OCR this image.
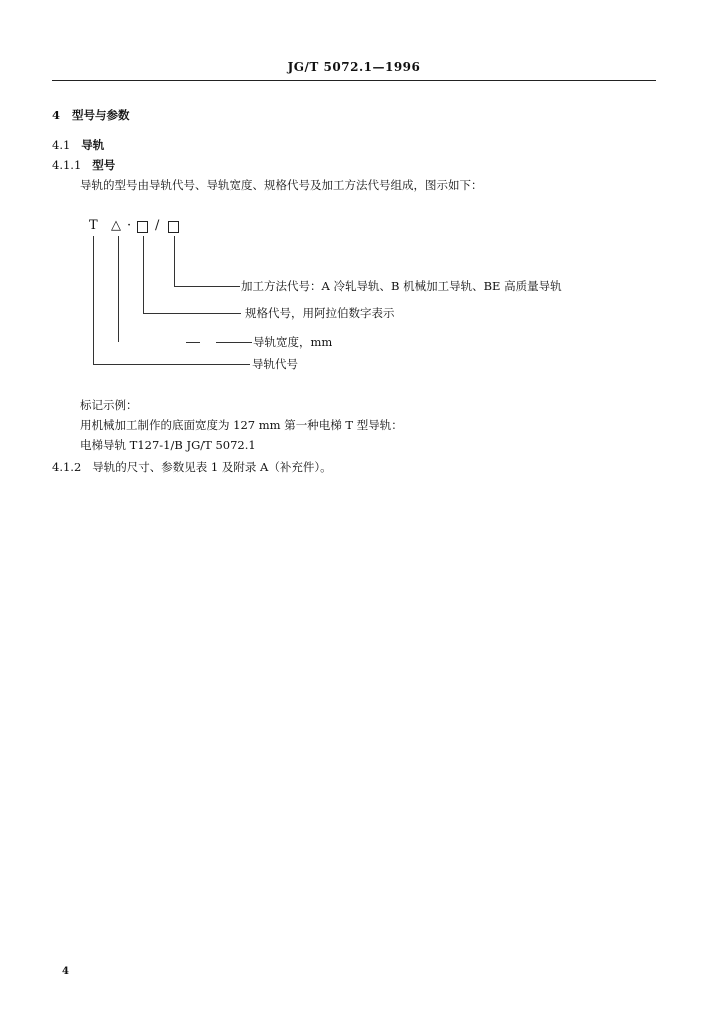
JG/T 5072.1—1996
4 型号与参数
4.1 导轨
4.1.1 型号
导轨的型号由导轨代号、导轨宽度、规格代号及加工方法代号组成，图示如下：
T △ · /
加工方法代号：A 冷轧导轨、B 机械加工导轨、BE 高质量导轨
规格代号，用阿拉伯数字表示
导轨宽度，mm
导轨代号
标记示例：
用机械加工制作的底面宽度为 127 mm 第一种电梯 T 型导轨：
电梯导轨 T127-1/B JG/T 5072.1
4.1.2 导轨的尺寸、参数见表 1 及附录 A（补充件）。
4
